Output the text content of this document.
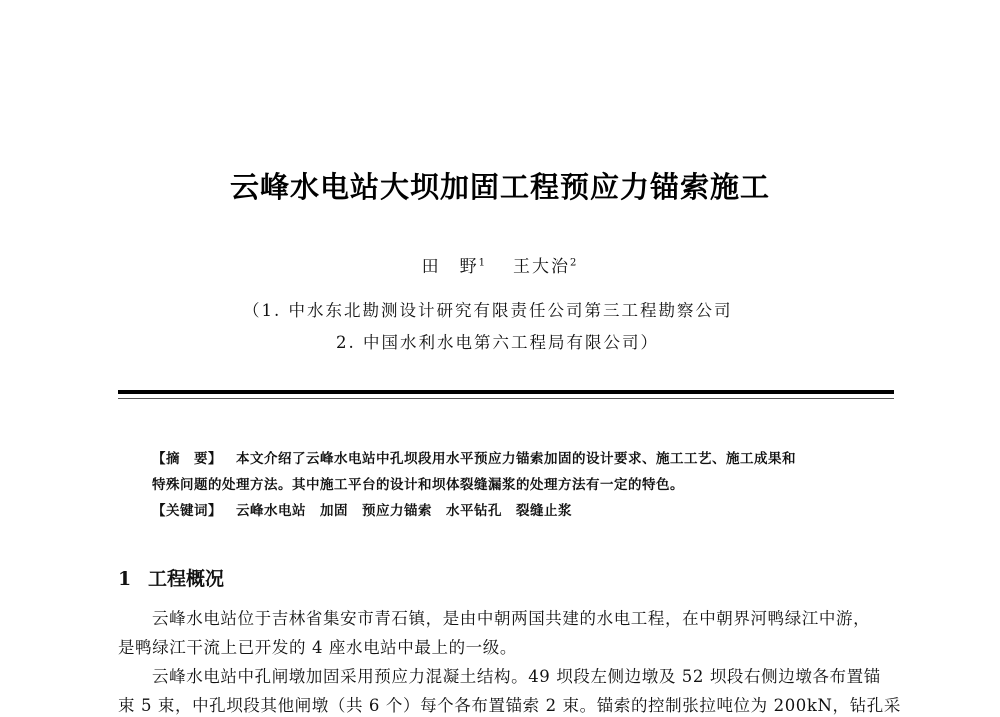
云峰水电站大坝加固工程预应力锚索施工
田　野$^1$ 王大治$^2$
（1. 中水东北勘测设计研究有限责任公司第三工程勘察公司
2. 中国水利水电第六工程局有限公司）
【摘　要】 本文介绍了云峰水电站中孔坝段用水平预应力锚索加固的设计要求、施工工艺、施工成果和
特殊问题的处理方法。其中施工平台的设计和坝体裂缝漏浆的处理方法有一定的特色。
【关键词】 云峰水电站 加固 预应力锚索 水平钻孔 裂缝止浆
1 工程概况
云峰水电站位于吉林省集安市青石镇，是由中朝两国共建的水电工程，在中朝界河鸭绿江中游，
是鸭绿江干流上已开发的 4 座水电站中最上的一级。
云峰水电站中孔闸墩加固采用预应力混凝土结构。49 坝段左侧边墩及 52 坝段右侧边墩各布置锚
束 5 束，中孔坝段其他闸墩（共 6 个）每个各布置锚索 2 束。锚索的控制张拉吨位为 200kN，钻孔采
